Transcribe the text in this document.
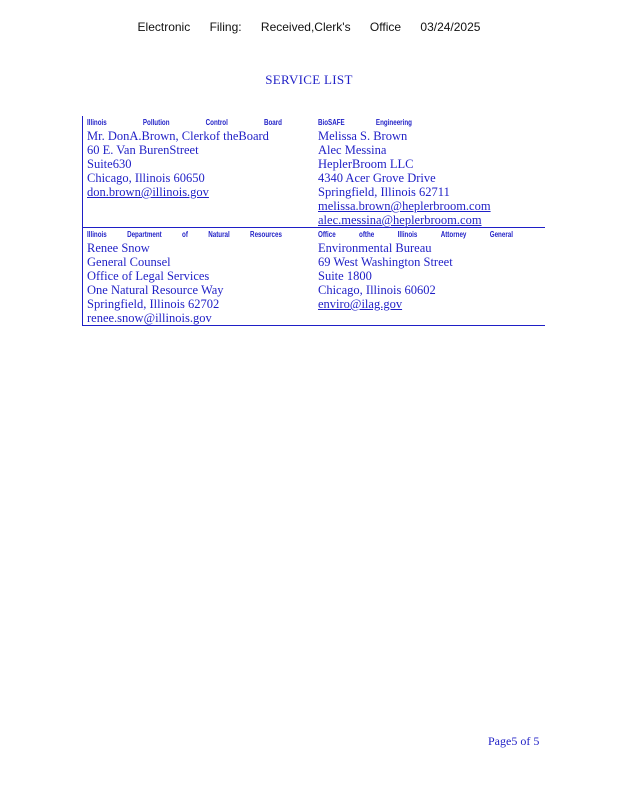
Electronic Filing: Received,Clerk's Office 03/24/2025
SERVICE LIST
Illinois	Pollution	Control	Board
Mr. DonA.Brown, Clerkof theBoard
60 E. Van BurenStreet
Suite630
Chicago, Illinois 60650
don.brown@illinois.gov
BioSAFE	Engineering
Melissa S. Brown
Alec Messina
HeplerBroom LLC
4340 Acer Grove Drive
Springfield, Illinois 62711
melissa.brown@heplerbroom.com
alec.messina@heplerbroom.com
Illinois	Department	of	Natural	Resources
Renee Snow
General Counsel
Office of Legal Services
One Natural Resource Way
Springfield, Illinois 62702
renee.snow@illinois.gov
Office	ofthe	Illinois	Attorney	General
Environmental Bureau
69 West Washington Street
Suite 1800
Chicago, Illinois 60602
enviro@ilag.gov
Page5 of 5
